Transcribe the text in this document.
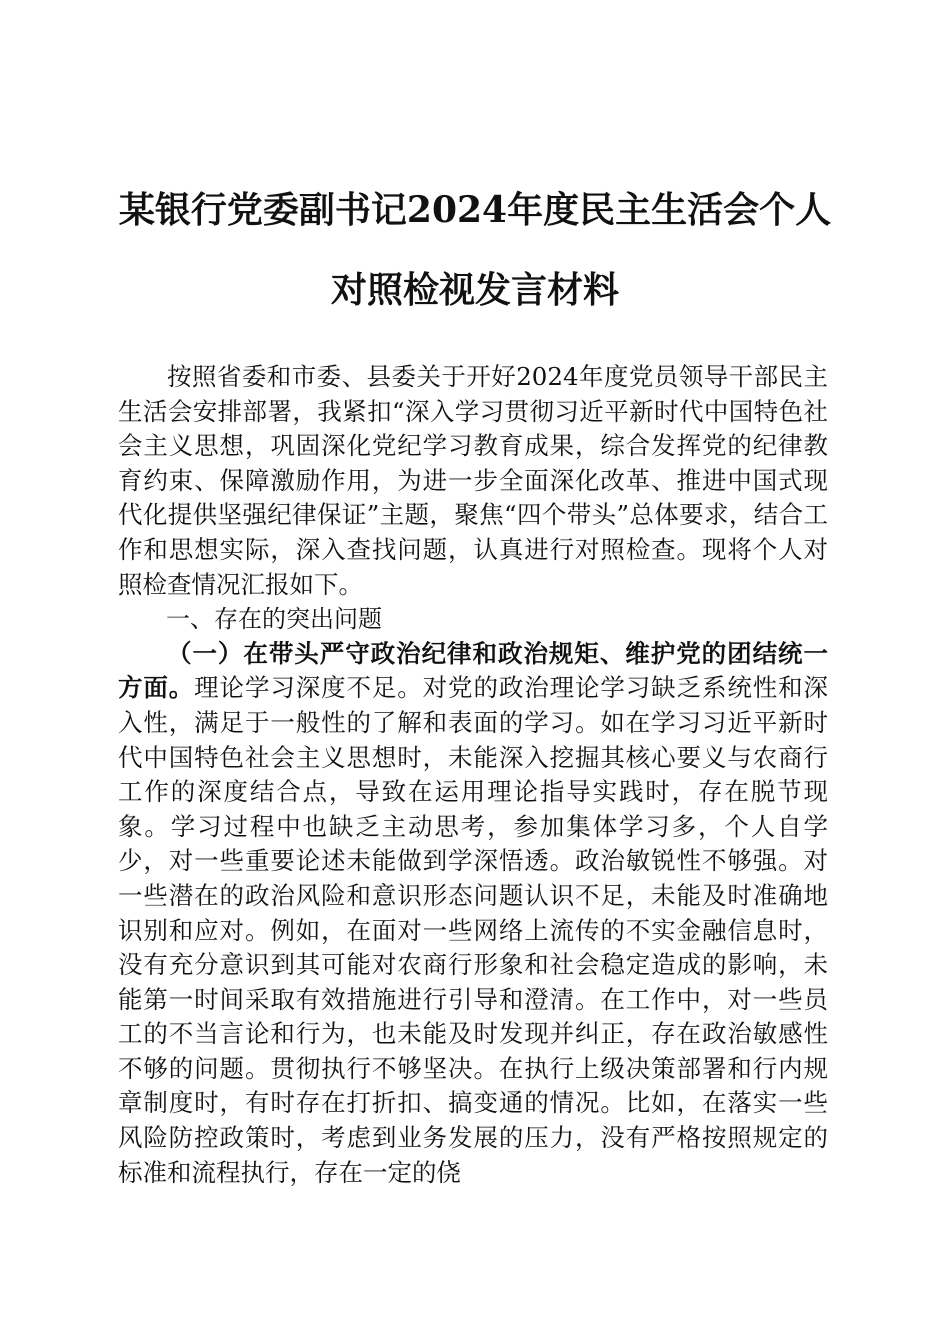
某银行党委副书记2024年度民主生活会个人
对照检视发言材料

按照省委和市委、县委关于开好2024年度党员领导干部民主生活会安排部署，我紧扣“深入学习贯彻习近平新时代中国特色社会主义思想，巩固深化党纪学习教育成果，综合发挥党的纪律教育约束、保障激励作用，为进一步全面深化改革、推进中国式现代化提供坚强纪律保证”主题，聚焦“四个带头”总体要求，结合工作和思想实际，深入查找问题，认真进行对照检查。现将个人对照检查情况汇报如下。

一、存在的突出问题

（一）在带头严守政治纪律和政治规矩、维护党的团结统一方面。理论学习深度不足。对党的政治理论学习缺乏系统性和深入性，满足于一般性的了解和表面的学习。如在学习习近平新时代中国特色社会主义思想时，未能深入挖掘其核心要义与农商行工作的深度结合点，导致在运用理论指导实践时，存在脱节现象。学习过程中也缺乏主动思考，参加集体学习多，个人自学少，对一些重要论述未能做到学深悟透。政治敏锐性不够强。对一些潜在的政治风险和意识形态问题认识不足，未能及时准确地识别和应对。例如，在面对一些网络上流传的不实金融信息时，没有充分意识到其可能对农商行形象和社会稳定造成的影响，未能第一时间采取有效措施进行引导和澄清。在工作中，对一些员工的不当言论和行为，也未能及时发现并纠正，存在政治敏感性不够的问题。贯彻执行不够坚决。在执行上级决策部署和行内规章制度时，有时存在打折扣、搞变通的情况。比如，在落实一些风险防控政策时，考虑到业务发展的压力，没有严格按照规定的标准和流程执行，存在一定的侥
